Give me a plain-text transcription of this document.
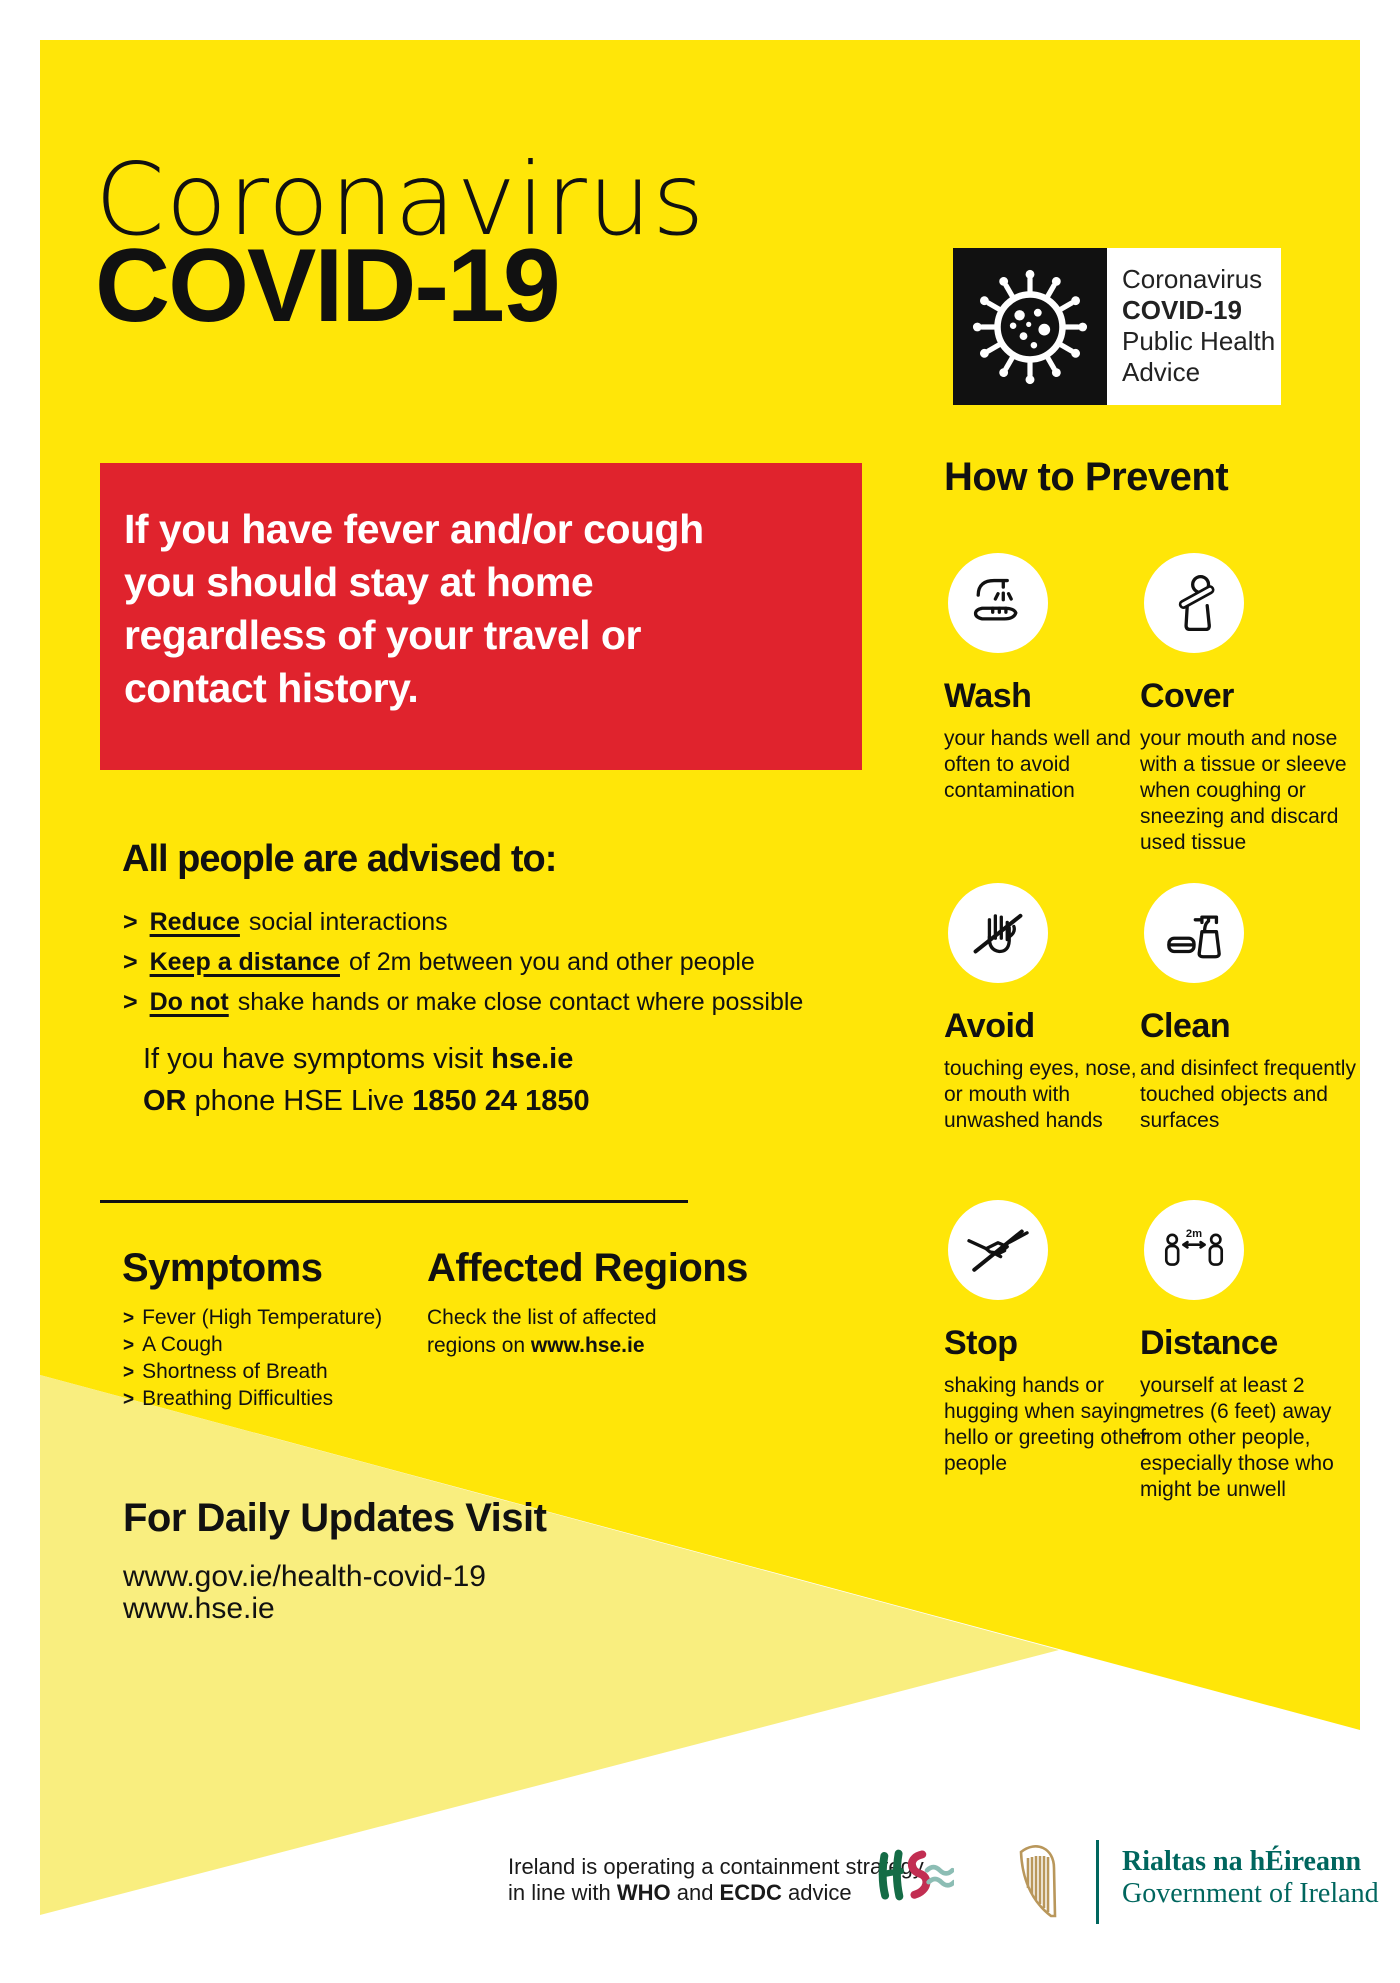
Coronavirus
COVID-19	Coronavirus
COVID-19
Public Health
Advice
If you have fever and/or cough
you should stay at home
regardless of your travel or
contact history.
All people are advised to:
> Reduce social interactions
> Keep a distance of 2m between you and other people
> Do not shake hands or make close contact where possible
If you have symptoms visit hse.ie
OR phone HSE Live 1850 24 1850
Symptoms
> Fever (High Temperature)
> A Cough
> Shortness of Breath
> Breathing Difficulties
Affected Regions
Check the list of affected
regions on www.hse.ie
For Daily Updates Visit
www.gov.ie/health-covid-19
www.hse.ie
How to Prevent
Wash
your hands well and often to avoid contamination
Cover
your mouth and nose with a tissue or sleeve when coughing or sneezing and discard used tissue
Avoid
touching eyes, nose, or mouth with unwashed hands
Clean
and disinfect frequently touched objects and surfaces
Stop
shaking hands or hugging when saying hello or greeting other people
2m
Distance
yourself at least 2 metres (6 feet) away from other people, especially those who might be unwell
Ireland is operating a containment strategy
in line with WHO and ECDC advice
Rialtas na hÉireann
Government of Ireland
